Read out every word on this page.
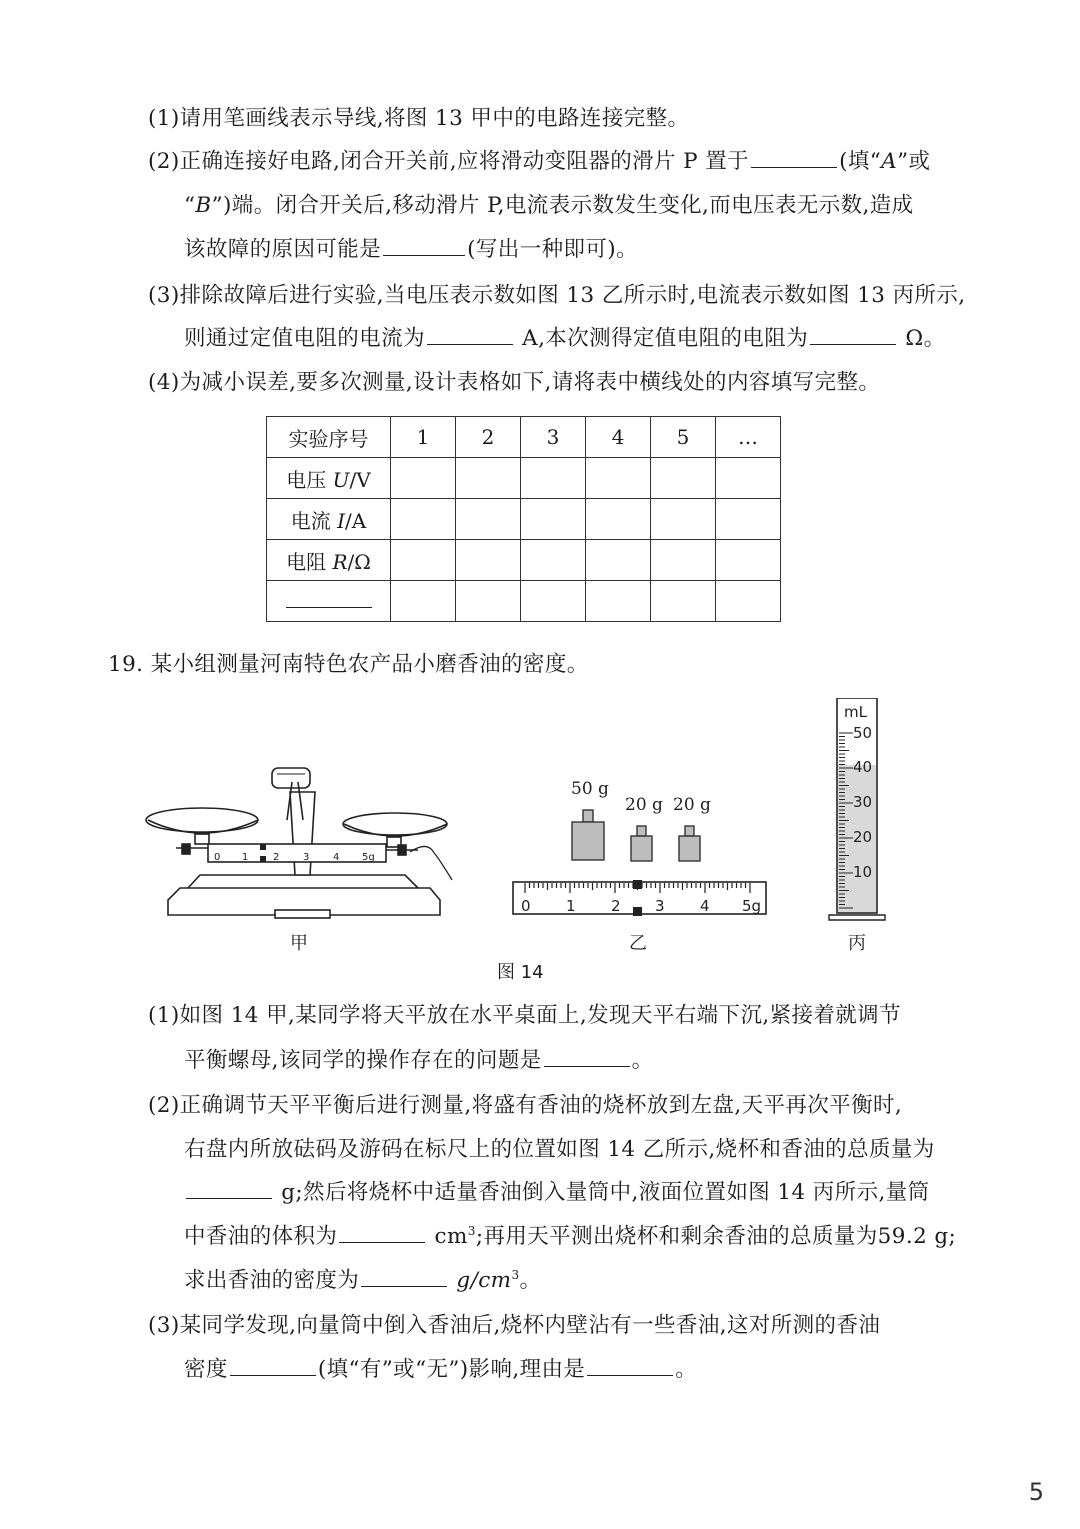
(1)请用笔画线表示导线,将图 13 甲中的电路连接完整。
(2)正确连接好电路,闭合开关前,应将滑动变阻器的滑片 P 置于	(填“A”或
“B”)端。闭合开关后,移动滑片 P,电流表示数发生变化,而电压表无示数,造成
该故障的原因可能是	(写出一种即可)。
(3)排除故障后进行实验,当电压表示数如图 13 乙所示时,电流表示数如图 13 丙所示,
则通过定值电阻的电流为	A,本次测得定值电阻的电阻为	Ω。
(4)为减小误差,要多次测量,设计表格如下,请将表中横线处的内容填写完整。
实验序号	1	2	3	4	5	…
电压 U/V						
电流 I/A						
电阻 R/Ω						

19. 某小组测量河南特色农产品小磨香油的密度。
0 1 2 3 4 5g
甲
50 g
20 g 20 g
0 1 2 3 4 5g
乙
mL
50
40
30
20
10
丙
图 14
(1)如图 14 甲,某同学将天平放在水平桌面上,发现天平右端下沉,紧接着就调节
平衡螺母,该同学的操作存在的问题是	。
(2)正确调节天平平衡后进行测量,将盛有香油的烧杯放到左盘,天平再次平衡时,
右盘内所放砝码及游码在标尺上的位置如图 14 乙所示,烧杯和香油的总质量为
g;然后将烧杯中适量香油倒入量筒中,液面位置如图 14 丙所示,量筒
中香油的体积为	$cm^3$;再用天平测出烧杯和剩余香油的总质量为59.2 g;
求出香油的密度为	$g/cm^3$。
(3)某同学发现,向量筒中倒入香油后,烧杯内壁沾有一些香油,这对所测的香油
密度	(填“有”或“无”)影响,理由是	。
5
